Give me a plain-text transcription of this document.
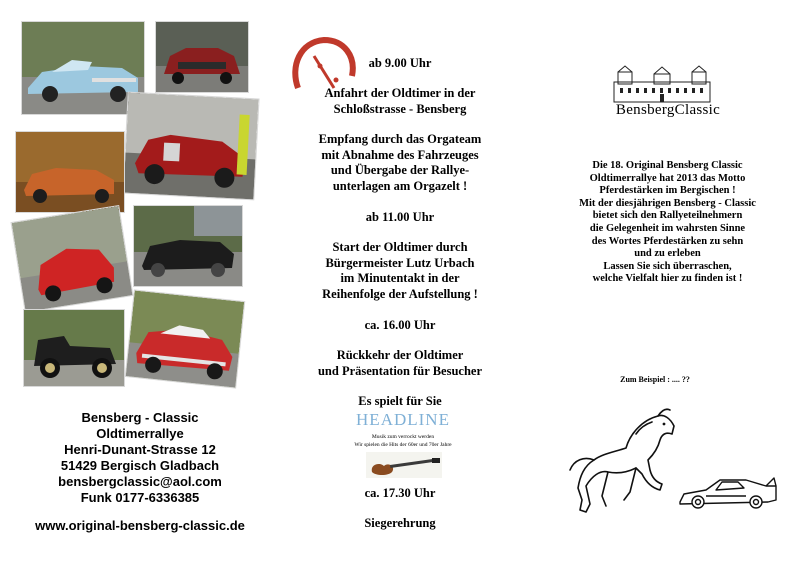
Bensberg - Classic
Oldtimerrallye
Henri-Dunant-Strasse 12
51429 Bergisch Gladbach
bensbergclassic@aol.com
Funk 0177-6336385
www.original-bensberg-classic.de
ab 9.00 Uhr
Anfahrt der Oldtimer in der
Schloßstrasse - Bensberg
Empfang durch das Orgateam
mit Abnahme des Fahrzeuges
und Übergabe der Rallye-
unterlagen am Orgazelt !
ab 11.00 Uhr
Start der Oldtimer durch
Bürgermeister Lutz Urbach
im Minutentakt in der
Reihenfolge der Aufstellung !
ca. 16.00 Uhr
Rückkehr der Oldtimer
und Präsentation für Besucher
Es spielt für Sie
HEADLINE
Musik zum verrockt werden
Wir spielen die Hits der 60er und 70er Jahre
ca. 17.30 Uhr
Siegerehrung
BensbergClassic
Die 18. Original Bensberg Classic
Oldtimerrallye hat 2013 das Motto
Pferdestärken im Bergischen !
Mit der diesjährigen Bensberg - Classic
bietet sich den Rallyeteilnehmern
die Gelegenheit im wahrsten Sinne
des Wortes Pferdestärken zu sehn
und zu erleben
Lassen Sie sich überraschen,
welche Vielfalt hier zu finden ist !
Zum Beispiel : .... ??
